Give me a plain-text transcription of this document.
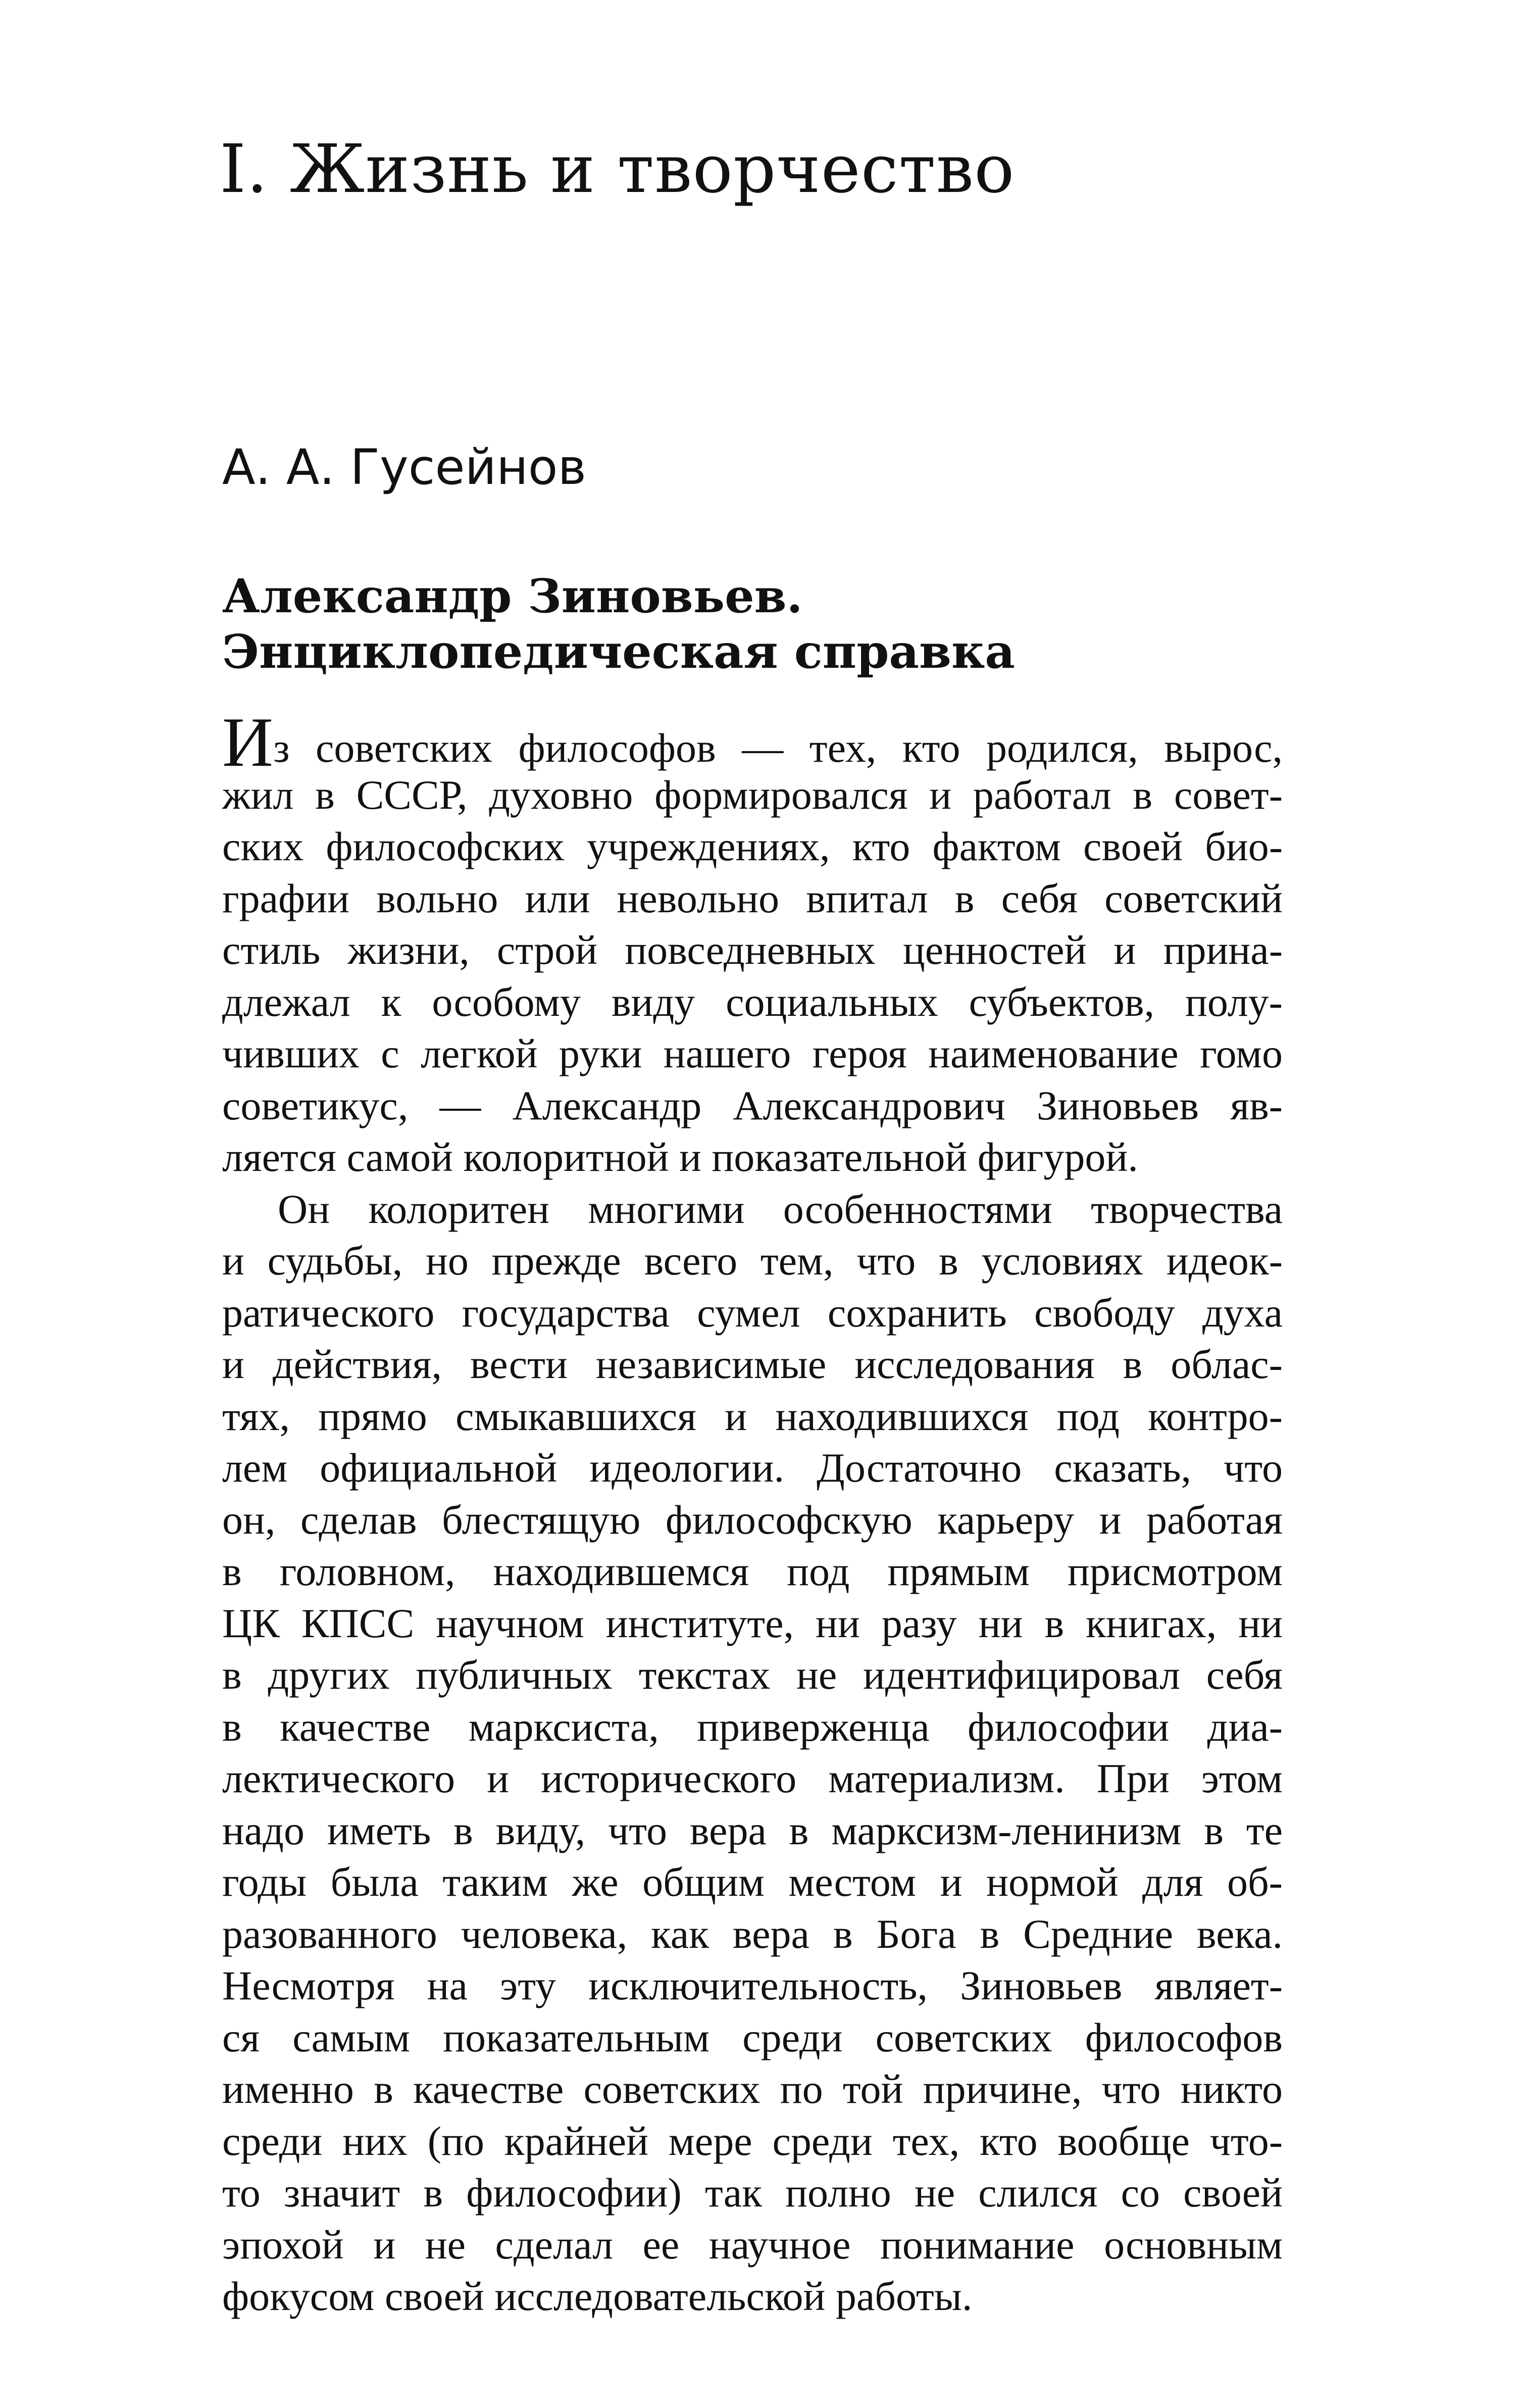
I. Жизнь и творчество
А. А. Гусейнов
Александр Зиновьев.
Энциклопедическая справка

Из советских философов — тех, кто родился, вырос,
жил в СССР, духовно формировался и работал в совет-
ских философских учреждениях, кто фактом своей био-
графии вольно или невольно впитал в себя советский
стиль жизни, строй повседневных ценностей и прина-
длежал к особому виду социальных субъектов, полу-
чивших с легкой руки нашего героя наименование гомо
советикус, — Александр Александрович Зиновьев яв-
ляется самой колоритной и показательной фигурой.

Он колоритен многими особенностями творчества
и судьбы, но прежде всего тем, что в условиях идеок-
ратического государства сумел сохранить свободу духа
и действия, вести независимые исследования в облас-
тях, прямо смыкавшихся и находившихся под контро-
лем официальной идеологии. Достаточно сказать, что
он, сделав блестящую философскую карьеру и работая
в головном, находившемся под прямым присмотром
ЦК КПСС научном институте, ни разу ни в книгах, ни
в других публичных текстах не идентифицировал себя
в качестве марксиста, приверженца философии диа-
лектического и исторического материализм. При этом
надо иметь в виду, что вера в марксизм-ленинизм в те
годы была таким же общим местом и нормой для об-
разованного человека, как вера в Бога в Средние века.
Несмотря на эту исключительность, Зиновьев являет-
ся самым показательным среди советских философов
именно в качестве советских по той причине, что никто
среди них (по крайней мере среди тех, кто вообще что-
то значит в философии) так полно не слился со своей
эпохой и не сделал ее научное понимание основным
фокусом своей исследовательской работы.
